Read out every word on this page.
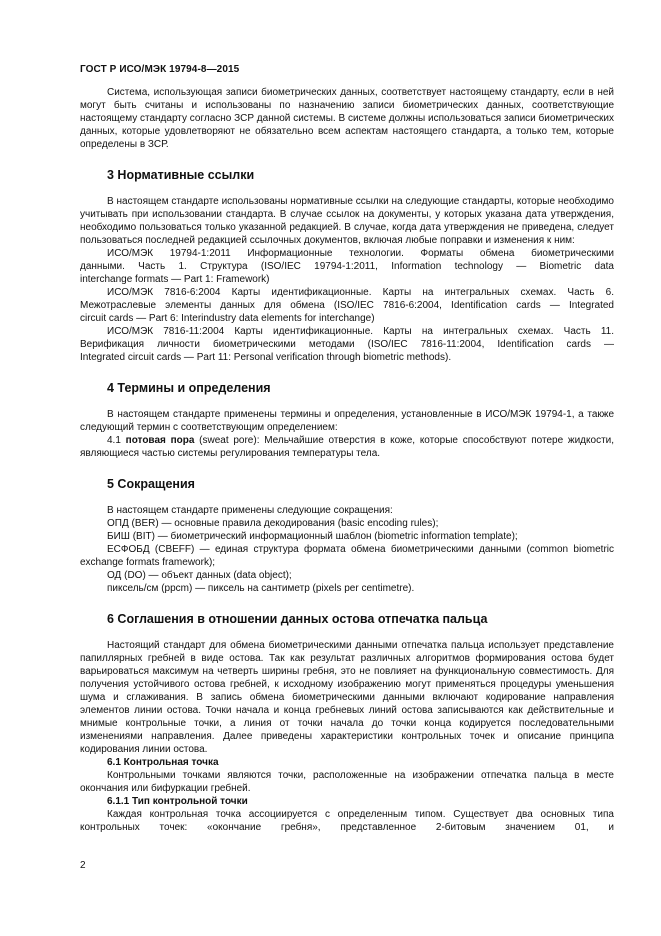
ГОСТ Р ИСО/МЭК 19794-8—2015

Система, использующая записи биометрических данных, соответствует настоящему стандарту, если в ней могут быть считаны и использованы по назначению записи биометрических данных, соответствующие настоящему стандарту согласно ЗСР данной системы. В системе должны использоваться записи биометрических данных, которые удовлетворяют не обязательно всем аспектам настоящего стандарта, а только тем, которые определены в ЗСР.

3 Нормативные ссылки

В настоящем стандарте использованы нормативные ссылки на следующие стандарты, которые необходимо учитывать при использовании стандарта. В случае ссылок на документы, у которых указана дата утверждения, необходимо пользоваться только указанной редакцией. В случае, когда дата утверждения не приведена, следует пользоваться последней редакцией ссылочных документов, включая любые поправки и изменения к ним:

ИСО/МЭК 19794-1:2011 Информационные технологии. Форматы обмена биометрическими
данными. Часть 1. Структура (ISO/IEC 19794-1:2011, Information technology — Biometric data
interchange formats — Part 1: Framework)
ИСО/МЭК 7816-6:2004 Карты идентификационные. Карты на интегральных схемах. Часть 6.
Межотраслевые элементы данных для обмена (ISO/IEC 7816-6:2004, Identification cards — Integrated
circuit cards — Part 6: Interindustry data elements for interchange)
ИСО/МЭК 7816-11:2004 Карты идентификационные. Карты на интегральных схемах. Часть 11.
Верификация личности биометрическими методами (ISO/IEC 7816-11:2004, Identification cards —
Integrated circuit cards — Part 11: Personal verification through biometric methods).
4 Термины и определения

В настоящем стандарте применены термины и определения, установленные в ИСО/МЭК 19794-1, а также следующий термин с соответствующим определением:

4.1 потовая пора (sweat pore): Мельчайшие отверстия в коже, которые способствуют потере жидкости, являющиеся частью системы регулирования температуры тела.

5 Сокращения

В настоящем стандарте применены следующие сокращения:

ОПД (BER) — основные правила декодирования (basic encoding rules);

БИШ (BIT) — биометрический информационный шаблон (biometric information template);

ЕСФОБД (CBEFF) — единая структура формата обмена биометрическими данными (common biometric exchange formats framework);

ОД (DO) — объект данных (data object);

пиксель/см (ppcm) — пиксель на сантиметр (pixels per centimetre).

6 Соглашения в отношении данных остова отпечатка пальца

Настоящий стандарт для обмена биометрическими данными отпечатка пальца использует представление папиллярных гребней в виде остова. Так как результат различных алгоритмов формирования остова будет варьироваться максимум на четверть ширины гребня, это не повлияет на функциональную совместимость. Для получения устойчивого остова гребней, к исходному изображению могут применяться процедуры уменьшения шума и сглаживания. В запись обмена биометрическими данными включают кодирование направления элементов линии остова. Точки начала и конца гребневых линий остова записываются как действительные и мнимые контрольные точки, а линия от точки начала до точки конца кодируется последовательными изменениями направления. Далее приведены характеристики контрольных точек и описание принципа кодирования линии остова.

6.1 Контрольная точка

Контрольными точками являются точки, расположенные на изображении отпечатка пальца в месте окончания или бифуркации гребней.

6.1.1 Тип контрольной точки

Каждая контрольная точка ассоциируется с определенным типом. Существует два основных типа контрольных точек: «окончание гребня», представленное 2-битовым значением 01, и

2
